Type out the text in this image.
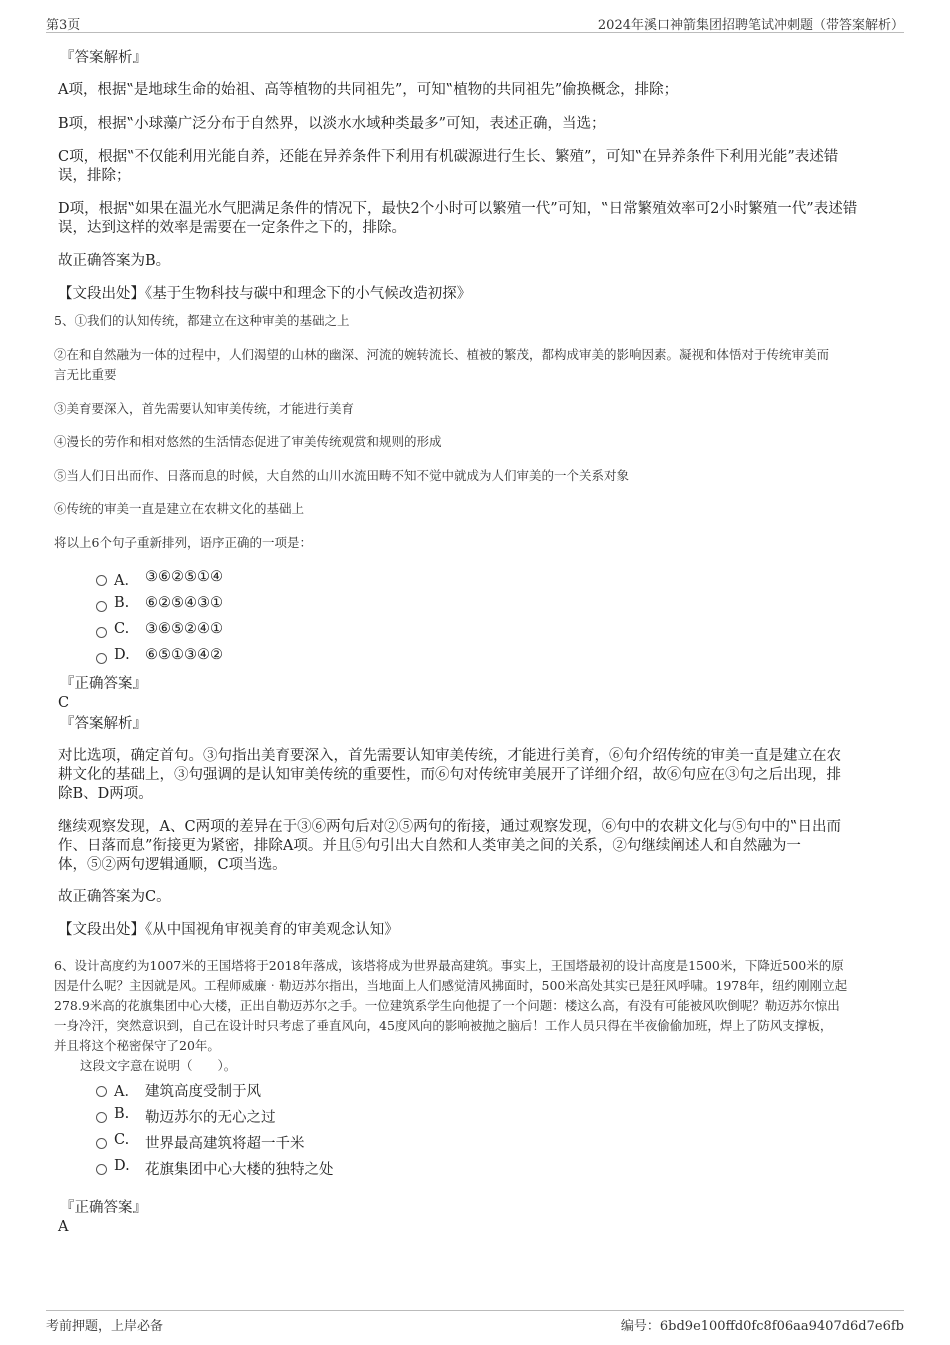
第3页	2024年溪口神箭集团招聘笔试冲刺题（带答案解析）
『答案解析』
A项，根据‟是地球生命的始祖、高等植物的共同祖先”，可知‟植物的共同祖先”偷换概念，排除；
B项，根据‟小球藻广泛分布于自然界，以淡水水域种类最多”可知，表述正确，当选；
C项，根据‟不仅能利用光能自养，还能在异养条件下利用有机碳源进行生长、繁殖”，可知‟在异养条件下利用光能”表述错
误，排除；
D项，根据‟如果在温光水气肥满足条件的情况下，最快2个小时可以繁殖一代”可知，‟日常繁殖效率可2小时繁殖一代”表述错
误，达到这样的效率是需要在一定条件之下的，排除。
故正确答案为B。
【文段出处】《基于生物科技与碳中和理念下的小气候改造初探》
5、①我们的认知传统，都建立在这种审美的基础之上
②在和自然融为一体的过程中，人们渴望的山林的幽深、河流的婉转流长、植被的繁茂，都构成审美的影响因素。凝视和体悟对于传统审美而
言无比重要
③美育要深入，首先需要认知审美传统，才能进行美育
④漫长的劳作和相对悠然的生活情态促进了审美传统观赏和规则的形成
⑤当人们日出而作、日落而息的时候，大自然的山川水流田畴不知不觉中就成为人们审美的一个关系对象
⑥传统的审美一直是建立在农耕文化的基础上
将以上6个句子重新排列，语序正确的一项是：
A． ③⑥②⑤①④
B. ⑥②⑤④③①
C. ③⑥⑤②④①
D. ⑥⑤①③④②
『正确答案』
C
『答案解析』
对比选项，确定首句。③句指出美育要深入，首先需要认知审美传统，才能进行美育，⑥句介绍传统的审美一直是建立在农
耕文化的基础上，③句强调的是认知审美传统的重要性，而⑥句对传统审美展开了详细介绍，故⑥句应在③句之后出现，排
除B、D两项。
继续观察发现，A、C两项的差异在于③⑥两句后对②⑤两句的衔接，通过观察发现，⑥句中的农耕文化与⑤句中的‟日出而
作、日落而息”衔接更为紧密，排除A项。并且⑤句引出大自然和人类审美之间的关系，②句继续阐述人和自然融为一
体，⑤②两句逻辑通顺，C项当选。
故正确答案为C。
【文段出处】《从中国视角审视美育的审美观念认知》
6、设计高度约为1007米的王国塔将于2018年落成，该塔将成为世界最高建筑。事实上，王国塔最初的设计高度是1500米，下降近500米的原
因是什么呢？主因就是风。工程师威廉‧勒迈苏尔指出，当地面上人们感觉清风拂面时，500米高处其实已是狂风呼啸。1978年，纽约刚刚立起
278.9米高的花旗集团中心大楼，正出自勒迈苏尔之手。一位建筑系学生向他提了一个问题：楼这么高，有没有可能被风吹倒呢？勒迈苏尔惊出
一身冷汗，突然意识到，自己在设计时只考虑了垂直风向，45度风向的影响被抛之脑后！工作人员只得在半夜偷偷加班，焊上了防风支撑板，
并且将这个秘密保守了20年。
这段文字意在说明（　　）。
A． 建筑高度受制于风
B. 勒迈苏尔的无心之过
C. 世界最高建筑将超一千米
D. 花旗集团中心大楼的独特之处
『正确答案』
A
考前押题，上岸必备	编号：6bd9e100ffd0fc8f06aa9407d6d7e6fb
